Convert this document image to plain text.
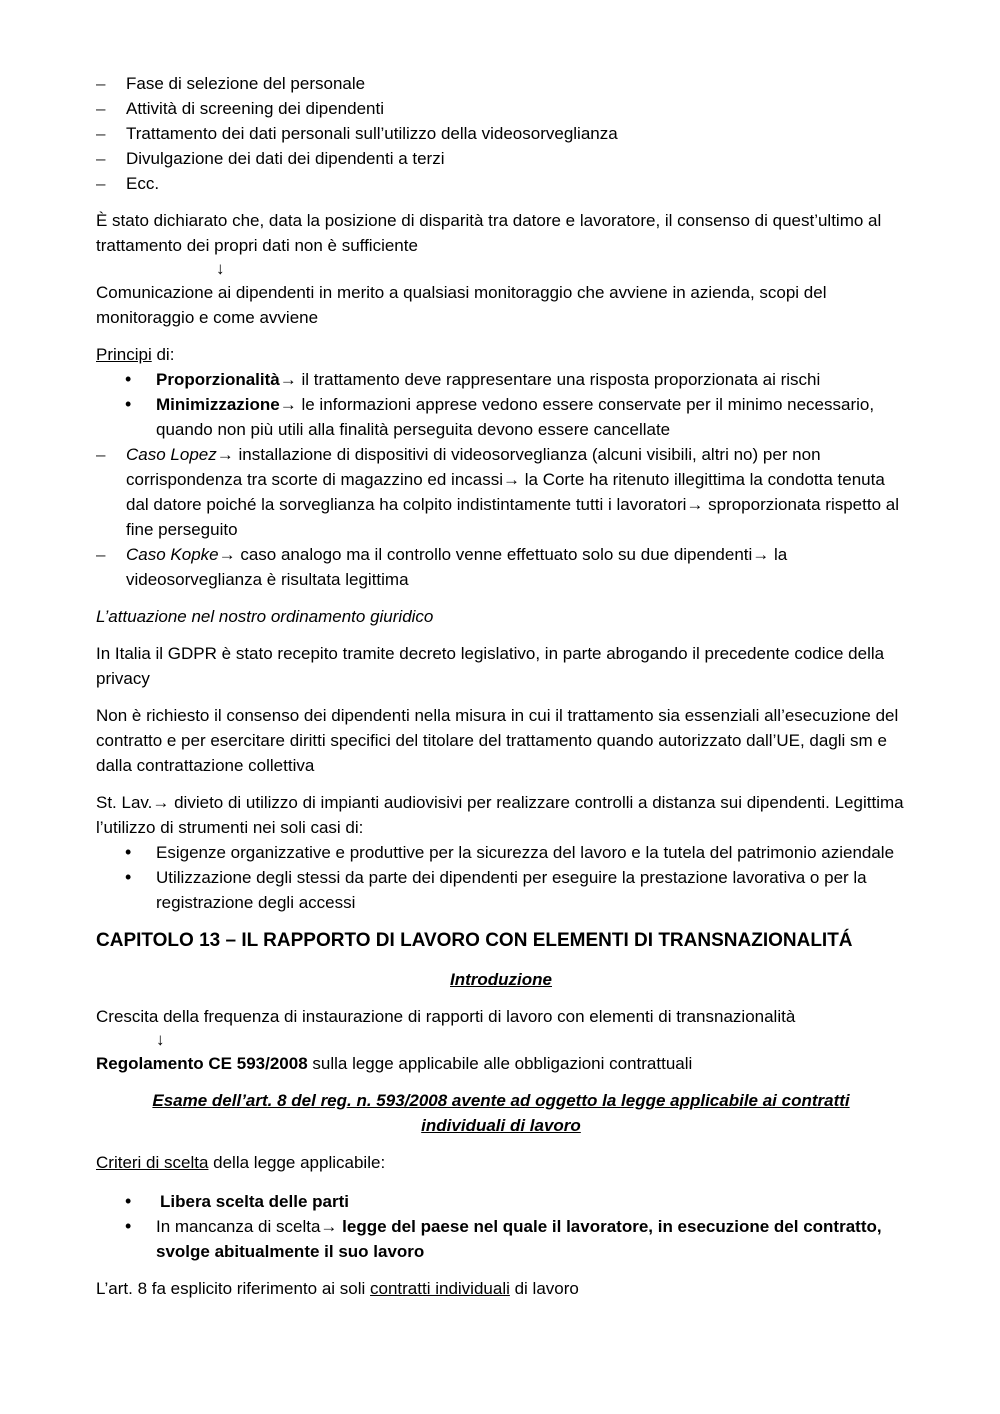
– Fase di selezione del personale
– Attività di screening dei dipendenti
– Trattamento dei dati personali sull’utilizzo della videosorveglianza
– Divulgazione dei dati dei dipendenti a terzi
– Ecc.

È stato dichiarato che, data la posizione di disparità tra datore e lavoratore, il consenso di quest’ultimo al trattamento dei propri dati non è sufficiente

↓

Comunicazione ai dipendenti in merito a qualsiasi monitoraggio che avviene in azienda, scopi del monitoraggio e come avviene

Principi di:

• Proporzionalità→ il trattamento deve rappresentare una risposta proporzionata ai rischi
• Minimizzazione→ le informazioni apprese vedono essere conservate per il minimo necessario, quando non più utili alla finalità perseguita devono essere cancellate
– Caso Lopez→ installazione di dispositivi di videosorveglianza (alcuni visibili, altri no) per non corrispondenza tra scorte di magazzino ed incassi→ la Corte ha ritenuto illegittima la condotta tenuta dal datore poiché la sorveglianza ha colpito indistintamente tutti i lavoratori→ sproporzionata rispetto al fine perseguito
– Caso Kopke→ caso analogo ma il controllo venne effettuato solo su due dipendenti→ la videosorveglianza è risultata legittima

L’attuazione nel nostro ordinamento giuridico

In Italia il GDPR è stato recepito tramite decreto legislativo, in parte abrogando il precedente codice della privacy

Non è richiesto il consenso dei dipendenti nella misura in cui il trattamento sia essenziali all’esecuzione del contratto e per esercitare diritti specifici del titolare del trattamento quando autorizzato dall’UE, dagli sm e dalla contrattazione collettiva

St. Lav.→ divieto di utilizzo di impianti audiovisivi per realizzare controlli a distanza sui dipendenti. Legittima l’utilizzo di strumenti nei soli casi di:

• Esigenze organizzative e produttive per la sicurezza del lavoro e la tutela del patrimonio aziendale
• Utilizzazione degli stessi da parte dei dipendenti per eseguire la prestazione lavorativa o per la registrazione degli accessi
CAPITOLO 13 – IL RAPPORTO DI LAVORO CON ELEMENTI DI TRANSNAZIONALITÁ

Introduzione

Crescita della frequenza di instaurazione di rapporti di lavoro con elementi di transnazionalità

↓

Regolamento CE 593/2008 sulla legge applicabile alle obbligazioni contrattuali

Esame dell’art. 8 del reg. n. 593/2008 avente ad oggetto la legge applicabile ai contratti individuali di lavoro

Criteri di scelta della legge applicabile:

• Libera scelta delle parti
• In mancanza di scelta→ legge del paese nel quale il lavoratore, in esecuzione del contratto, svolge abitualmente il suo lavoro

L’art. 8 fa esplicito riferimento ai soli contratti individuali di lavoro
